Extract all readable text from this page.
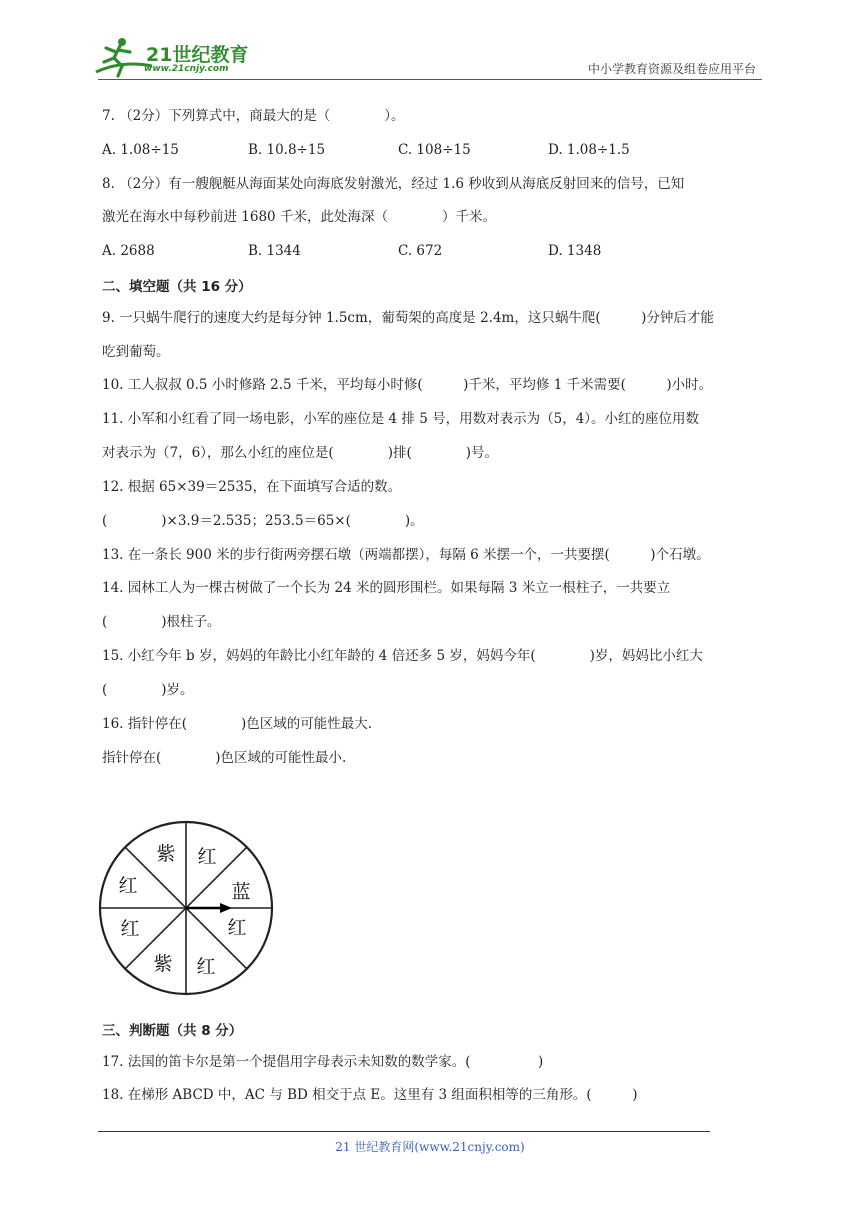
21世纪教育
www.21cnjy.com	中小学教育资源及组卷应用平台
7. （2分）下列算式中，商最大的是（　　　　）。
A. 1.08÷15	B. 10.8÷15	C. 108÷15	D. 1.08÷1.5
8. （2分）有一艘舰艇从海面某处向海底发射激光，经过 1.6 秒收到从海底反射回来的信号，已知
激光在海水中每秒前进 1680 千米，此处海深（　　　　）千米。
A. 2688	B. 1344	C. 672	D. 1348
二、填空题（共 16 分）
9. 一只蜗牛爬行的速度大约是每分钟 1.5cm，葡萄架的高度是 2.4m，这只蜗牛爬(　　　)分钟后才能
吃到葡萄。
10. 工人叔叔 0.5 小时修路 2.5 千米，平均每小时修(　　　)千米，平均修 1 千米需要(　　　)小时。
11. 小军和小红看了同一场电影，小军的座位是 4 排 5 号，用数对表示为（5，4）。小红的座位用数
对表示为（7，6），那么小红的座位是(　　　　)排(　　　　)号。
12. 根据 65×39＝2535，在下面填写合适的数。
(　　　　)×3.9＝2.535；253.5＝65×(　　　　)。
13. 在一条长 900 米的步行街两旁摆石墩（两端都摆），每隔 6 米摆一个，一共要摆(　　　)个石墩。
14. 园林工人为一棵古树做了一个长为 24 米的圆形围栏。如果每隔 3 米立一根柱子，一共要立
(　　　　)根柱子。
15. 小红今年 b 岁，妈妈的年龄比小红年龄的 4 倍还多 5 岁，妈妈今年(　　　　)岁，妈妈比小红大
(　　　　)岁。
16. 指针停在(　　　　)色区域的可能性最大.
指针停在(　　　　)色区域的可能性最小.
紫 红
红	蓝
红	红
紫 红
三、判断题（共 8 分）
17. 法国的笛卡尔是第一个提倡用字母表示未知数的数学家。(　　　　　)
18. 在梯形 ABCD 中，AC 与 BD 相交于点 E。这里有 3 组面积相等的三角形。(　　　)
21 世纪教育网(www.21cnjy.com)
